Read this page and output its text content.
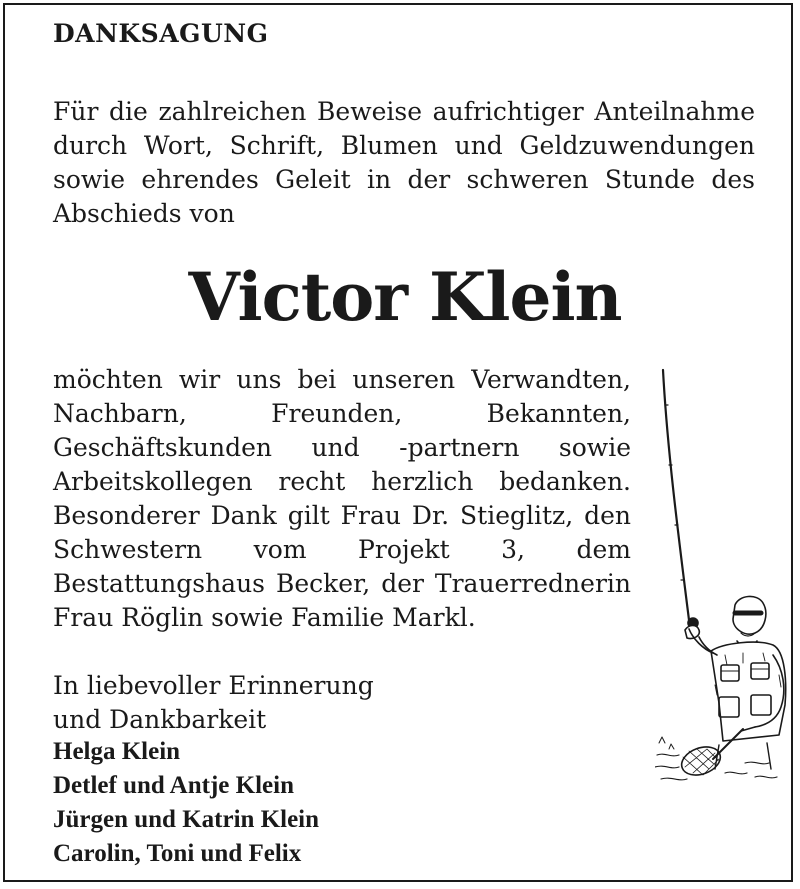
DANKSAGUNG

Für die zahlreichen Beweise aufrichtiger Anteilnahme durch Wort, Schrift, Blumen und Geldzuwendungen sowie ehrendes Geleit in der schweren Stunde des Abschieds von

Victor Klein

möchten wir uns bei unseren Verwandten, Nachbarn, Freunden, Bekannten, Geschäftskunden und -partnern sowie Arbeitskollegen recht herzlich bedanken. Besonderer Dank gilt Frau Dr. Stieglitz, den Schwestern vom Projekt 3, dem Bestattungshaus Becker, der Trauerrednerin Frau Röglin sowie Familie Markl.

In liebevoller Erinnerung
und Dankbarkeit
Helga Klein
Detlef und Antje Klein
Jürgen und Katrin Klein
Carolin, Toni und Felix
